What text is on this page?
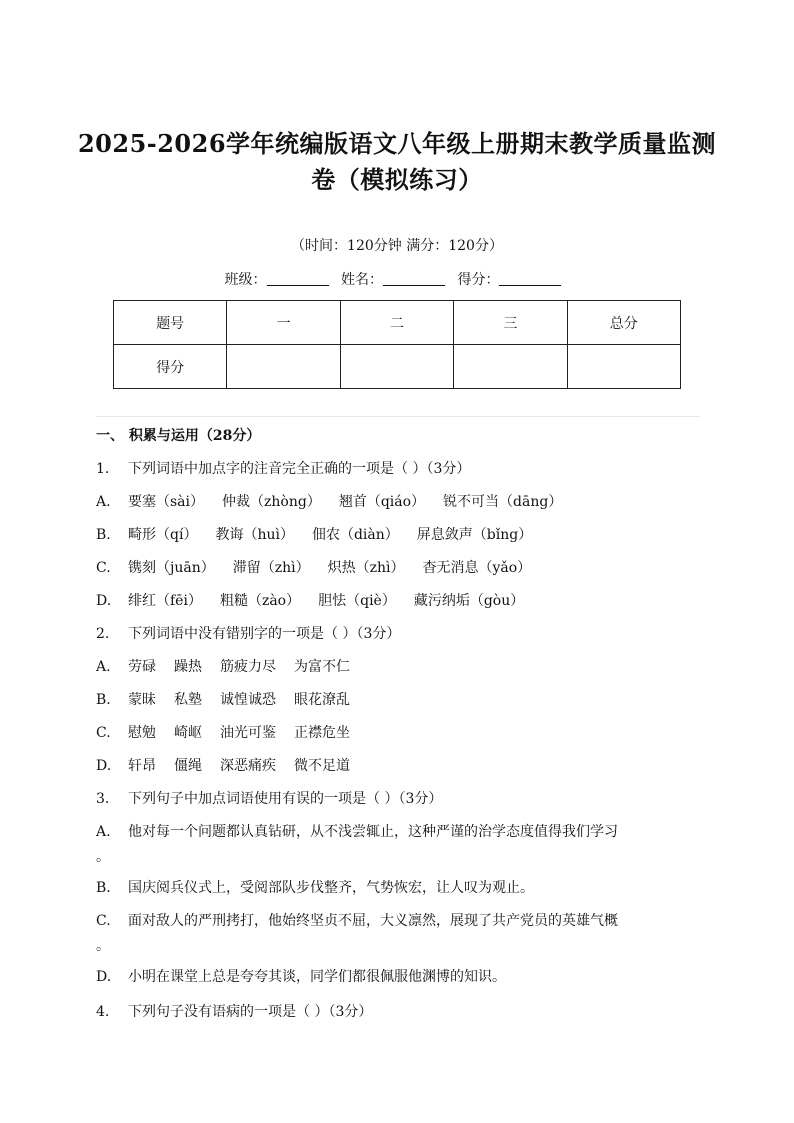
2025-2026学年统编版语文八年级上册期末教学质量监测
卷（模拟练习）
（时间：120分钟 满分：120分）
班级：	姓名：	得分：
题号	一	二	三	总分
得分				
一、 积累与运用（28分）
1. 下列词语中加点字的注音完全正确的一项是（ ）（3分）
A. 要塞（sài） 仲裁（zhòng） 翘首（qiáo） 锐不可当（dāng）
B. 畸形（qí） 教诲（huì） 佃农（diàn） 屏息敛声（bǐng）
C. 镌刻（juān） 滞留（zhì） 炽热（zhì） 杳无消息（yǎo）
D. 绯红（fēi） 粗糙（zào） 胆怯（qiè） 藏污纳垢（gòu）
2. 下列词语中没有错别字的一项是（ ）（3分）
A. 劳碌 躁热 筋疲力尽 为富不仁
B. 蒙昧 私塾 诚惶诚恐 眼花潦乱
C. 慰勉 崎岖 油光可鉴 正襟危坐
D. 轩昂 僵绳 深恶痛疾 微不足道
3. 下列句子中加点词语使用有误的一项是（ ）（3分）
A. 他对每一个问题都认真钻研，从不浅尝辄止，这种严谨的治学态度值得我们学习
。
B. 国庆阅兵仪式上，受阅部队步伐整齐，气势恢宏，让人叹为观止。
C. 面对敌人的严刑拷打，他始终坚贞不屈，大义凛然，展现了共产党员的英雄气概
。
D. 小明在课堂上总是夸夸其谈，同学们都很佩服他渊博的知识。
4. 下列句子没有语病的一项是（ ）（3分）
